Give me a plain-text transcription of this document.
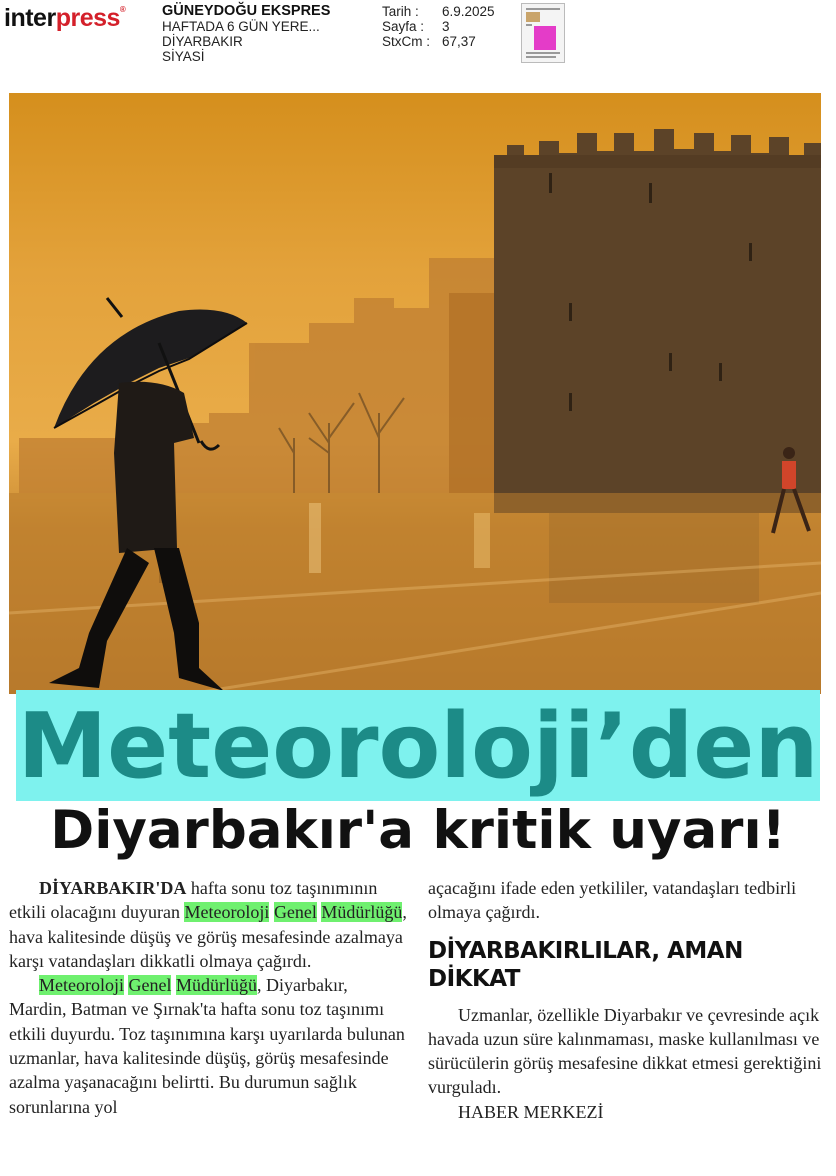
interpress®	GÜNEYDOĞU EKSPRES
HAFTADA 6 GÜN YERE...
DİYARBAKIR
SİYASİ
Tarih :	6.9.2025
Sayfa :	3
StxCm : 67,37
Meteoroloji’den
Diyarbakır'a kritik uyarı!

DİYARBAKIR'DA hafta sonu toz taşınımının etkili olacağını duyuran Meteoroloji Genel Müdürlüğü, hava kalitesinde düşüş ve görüş mesafesinde azalmaya karşı vatandaşları dikkatli olmaya çağırdı.

Meteoroloji Genel Müdürlüğü, Diyarbakır, Mardin, Batman ve Şırnak'ta hafta sonu toz taşınımı etkili duyurdu. Toz taşınımına karşı uyarılarda bulunan uzmanlar, hava kalitesinde düşüş, görüş mesafesinde azalma yaşanacağını belirtti. Bu durumun sağlık sorunlarına yol

açacağını ifade eden yetkililer, vatandaşları tedbirli olmaya çağırdı.

DİYARBAKIRLILAR, AMAN DİKKAT

Uzmanlar, özellikle Diyarbakır ve çevresinde açık havada uzun süre kalınmaması, maske kullanılması ve sürücülerin görüş mesafesine dikkat etmesi gerektiğini vurguladı.

HABER MERKEZİ
